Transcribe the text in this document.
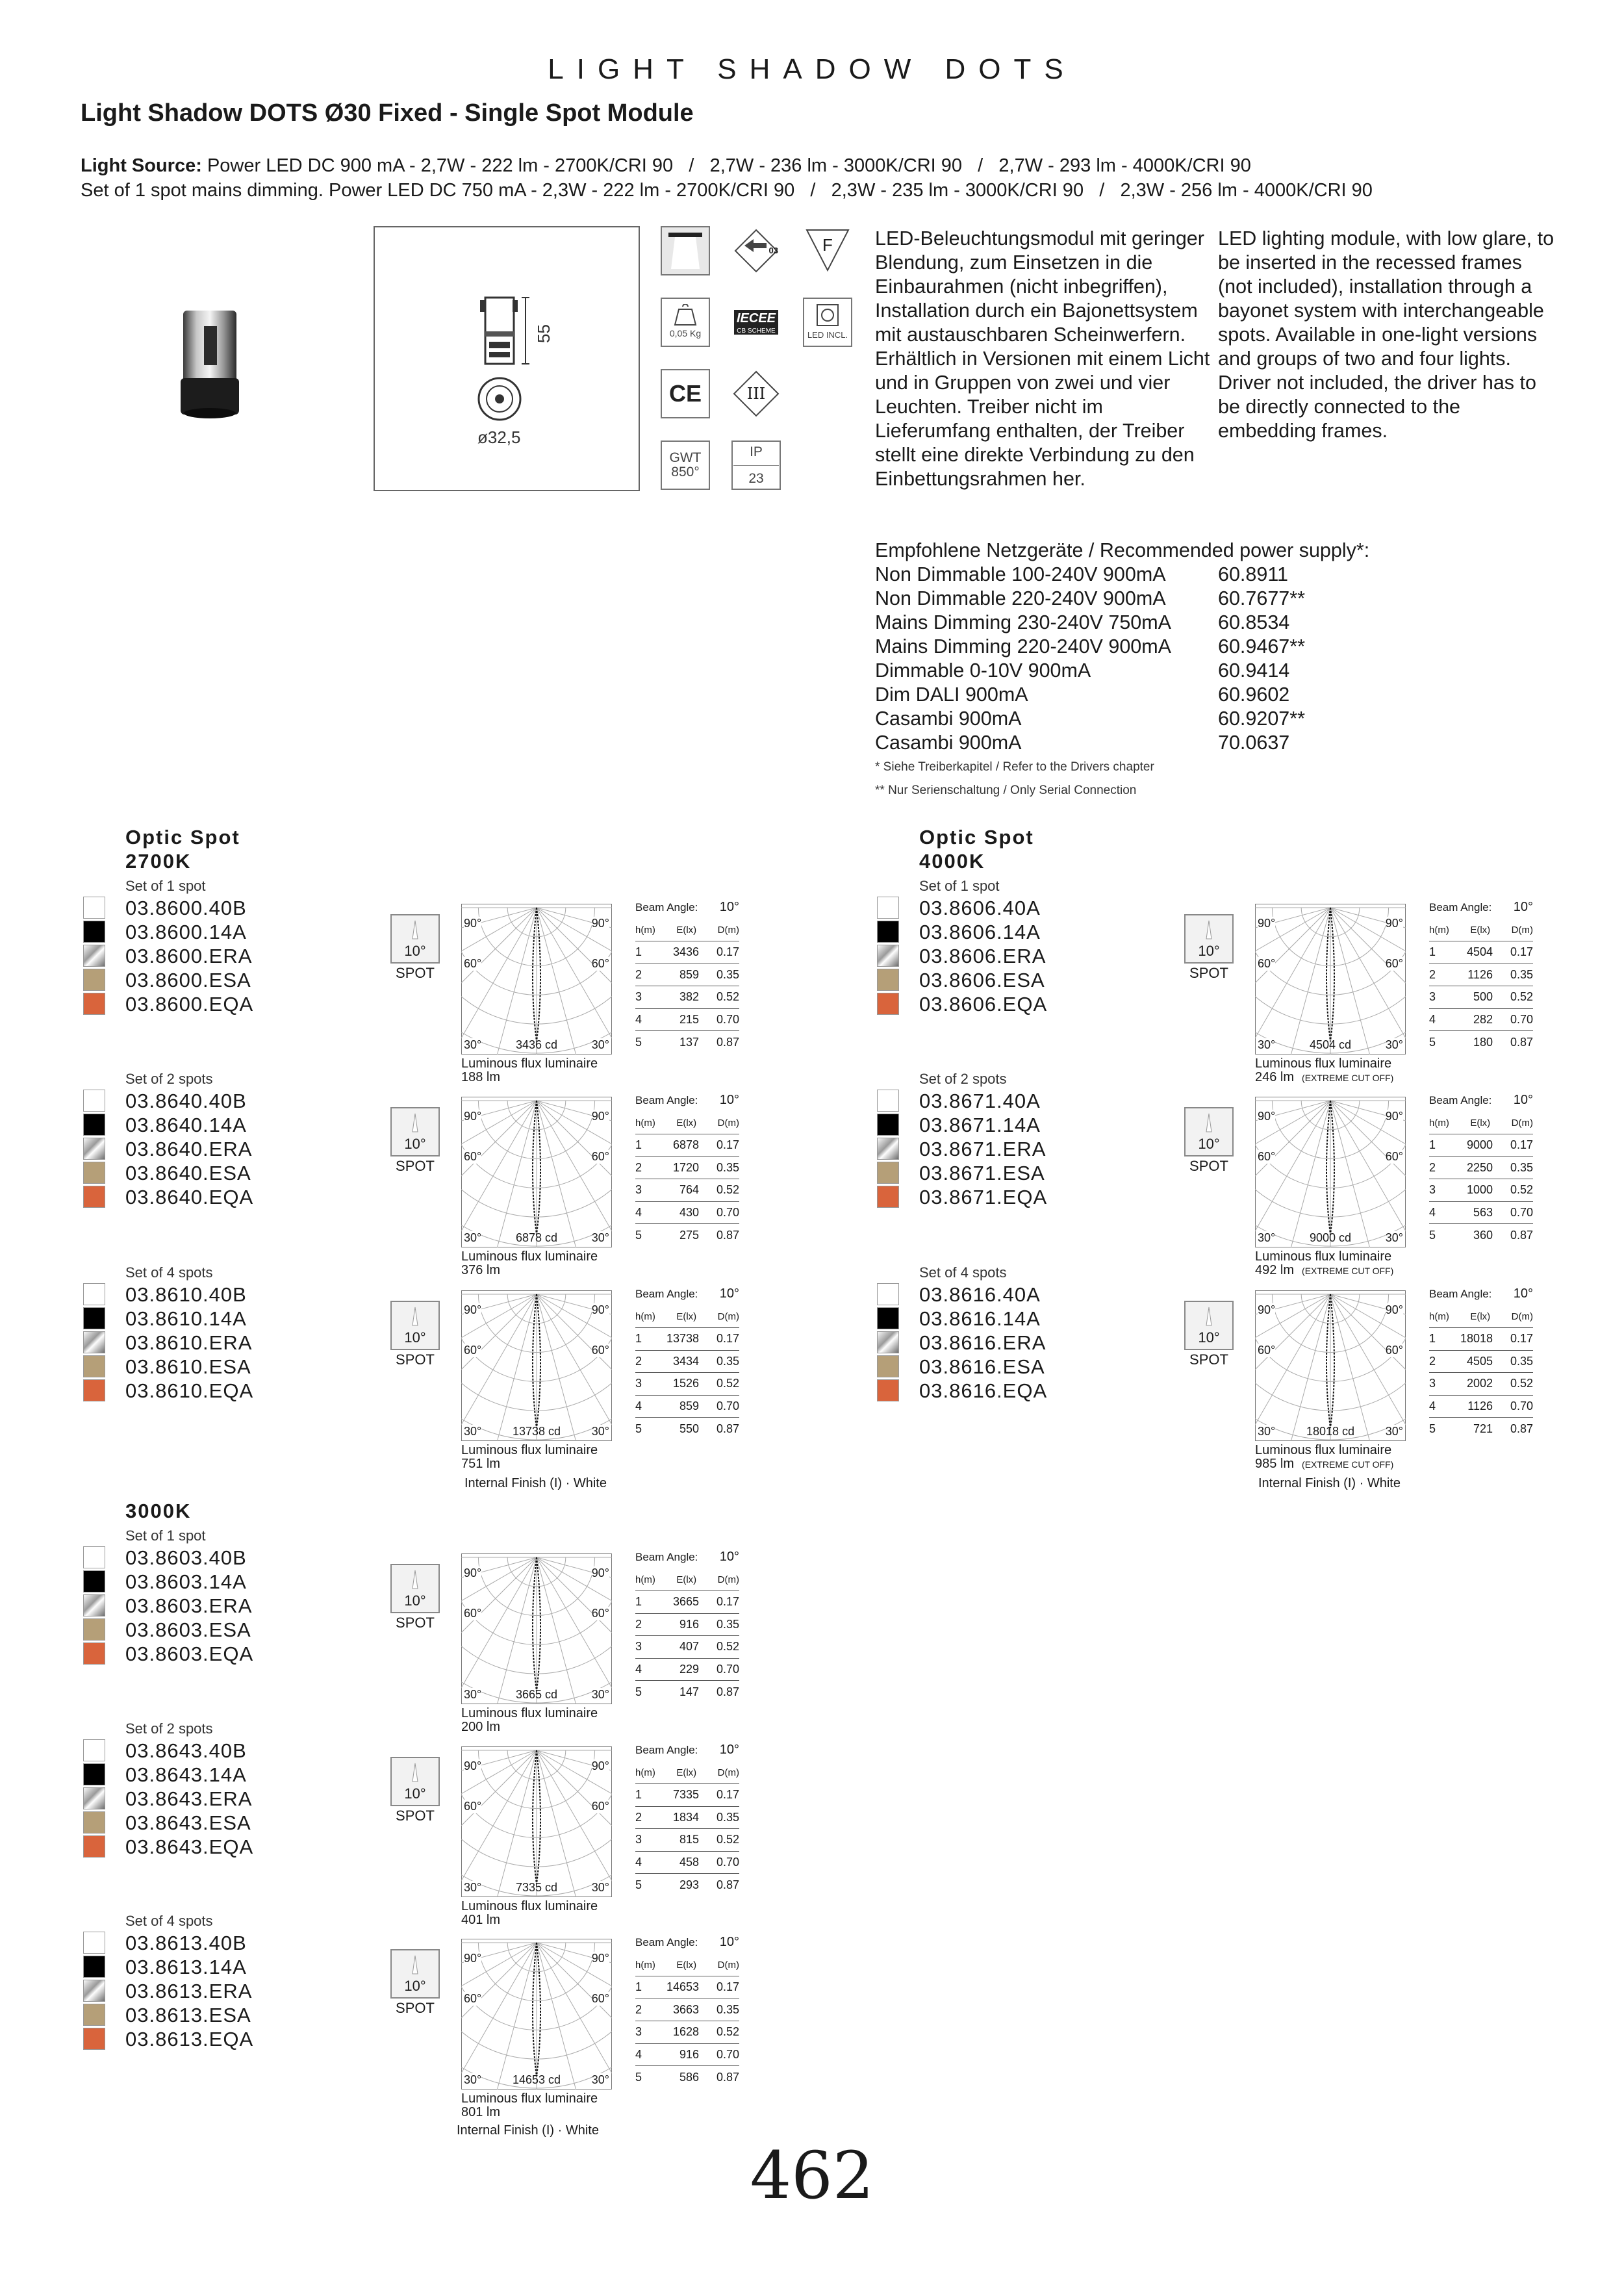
LIGHT SHADOW DOTS
Light Shadow DOTS Ø30 Fixed - Single Spot Module
Light Source: Power LED DC 900 mA - 2,7W - 222 lm - 2700K/CRI 90   /   2,7W - 236 lm - 3000K/CRI 90   /   2,7W - 293 lm - 4000K/CRI 90
Set of 1 spot mains dimming. Power LED DC 750 mA - 2,3W - 222 lm - 2700K/CRI 90   /   2,3W - 235 lm - 3000K/CRI 90   /   2,3W - 256 lm - 4000K/CRI 90
55
ø32,5
0,05 Kg
CE
GWT
850°
03
IECEE
CB SCHEME
III
IP
23
F
LED INCL.
LED-Beleuchtungsmodul mit geringer Blendung, zum Einsetzen in die Einbaurahmen (nicht inbegriffen), Installation durch ein Bajonettsystem mit austauschbaren Scheinwerfern. Erhältlich in Versionen mit einem Licht und in Gruppen von zwei und vier Leuchten. Treiber nicht im Lieferumfang enthalten, der Treiber stellt eine direkte Verbindung zu den Einbettungsrahmen her.
LED lighting module, with low glare, to be inserted in the recessed frames (not included), installation through a bayonet system with interchangeable spots. Available in one-light versions and groups of two and four lights. Driver not included, the driver has to be directly connected to the embedding frames.
Empfohlene Netzgeräte / Recommended power supply*:
Non Dimmable 100-240V 900mA	60.8911
Non Dimmable 220-240V 900mA	60.7677**
Mains Dimming 230-240V 750mA	60.8534
Mains Dimming 220-240V 900mA	60.9467**
Dimmable 0-10V 900mA	60.9414
Dim DALI 900mA	60.9602
Casambi 900mA	60.9207**
Casambi 900mA	70.0637
* Siehe Treiberkapitel / Refer to the Drivers chapter
** Nur Serienschaltung / Only Serial Connection
Optic Spot
2700K
Optic Spot
4000K
3000K
Set of 1 spot
03.8600.40B
03.8600.14A
03.8600.ERA
03.8600.ESA
03.8600.EQA
10°
SPOT
90°	90°
60°	60°
30°	30°
3436 cd
Luminous flux luminaire
188 lm
Beam Angle: 10°
h(m) E(lx) D(m)
1	3436	0.17
2	859	0.35
3	382	0.52
4	215	0.70
5	137	0.87
Set of 2 spots
03.8640.40B
03.8640.14A
03.8640.ERA
03.8640.ESA
03.8640.EQA
10°
SPOT
90°	90°
60°	60°
30°	30°
6878 cd
Luminous flux luminaire
376 lm
Beam Angle: 10°
h(m) E(lx) D(m)
1	6878	0.17
2	1720	0.35
3	764	0.52
4	430	0.70
5	275	0.87
Set of 4 spots
03.8610.40B
03.8610.14A
03.8610.ERA
03.8610.ESA
03.8610.EQA
10°
SPOT
90°	90°
60°	60°
30°	30°
13738 cd
Luminous flux luminaire
751 lm
Beam Angle: 10°
h(m) E(lx) D(m)
1	13738	0.17
2	3434	0.35
3	1526	0.52
4	859	0.70
5	550	0.87
Set of 1 spot
03.8606.40A
03.8606.14A
03.8606.ERA
03.8606.ESA
03.8606.EQA
10°
SPOT
90°	90°
60°	60°
30°	30°
4504 cd
Luminous flux luminaire
246 lm (EXTREME CUT OFF)
Beam Angle: 10°
h(m) E(lx) D(m)
1	4504	0.17
2	1126	0.35
3	500	0.52
4	282	0.70
5	180	0.87
Set of 2 spots
03.8671.40A
03.8671.14A
03.8671.ERA
03.8671.ESA
03.8671.EQA
10°
SPOT
90°	90°
60°	60°
30°	30°
9000 cd
Luminous flux luminaire
492 lm (EXTREME CUT OFF)
Beam Angle: 10°
h(m) E(lx) D(m)
1	9000	0.17
2	2250	0.35
3	1000	0.52
4	563	0.70
5	360	0.87
Set of 4 spots
03.8616.40A
03.8616.14A
03.8616.ERA
03.8616.ESA
03.8616.EQA
10°
SPOT
90°	90°
60°	60°
30°	30°
18018 cd
Luminous flux luminaire
985 lm (EXTREME CUT OFF)
Beam Angle: 10°
h(m) E(lx) D(m)
1	18018	0.17
2	4505	0.35
3	2002	0.52
4	1126	0.70
5	721	0.87
Set of 1 spot
03.8603.40B
03.8603.14A
03.8603.ERA
03.8603.ESA
03.8603.EQA
10°
SPOT
90°	90°
60°	60°
30°	30°
3665 cd
Luminous flux luminaire
200 lm
Beam Angle: 10°
h(m) E(lx) D(m)
1	3665	0.17
2	916	0.35
3	407	0.52
4	229	0.70
5	147	0.87
Set of 2 spots
03.8643.40B
03.8643.14A
03.8643.ERA
03.8643.ESA
03.8643.EQA
10°
SPOT
90°	90°
60°	60°
30°	30°
7335 cd
Luminous flux luminaire
401 lm
Beam Angle: 10°
h(m) E(lx) D(m)
1	7335	0.17
2	1834	0.35
3	815	0.52
4	458	0.70
5	293	0.87
Set of 4 spots
03.8613.40B
03.8613.14A
03.8613.ERA
03.8613.ESA
03.8613.EQA
10°
SPOT
90°	90°
60°	60°
30°	30°
14653 cd
Luminous flux luminaire
801 lm
Beam Angle: 10°
h(m) E(lx) D(m)
1	14653	0.17
2	3663	0.35
3	1628	0.52
4	916	0.70
5	586	0.87
Internal Finish (I) · White	Internal Finish (I) · White
Internal Finish (I) · White
462
